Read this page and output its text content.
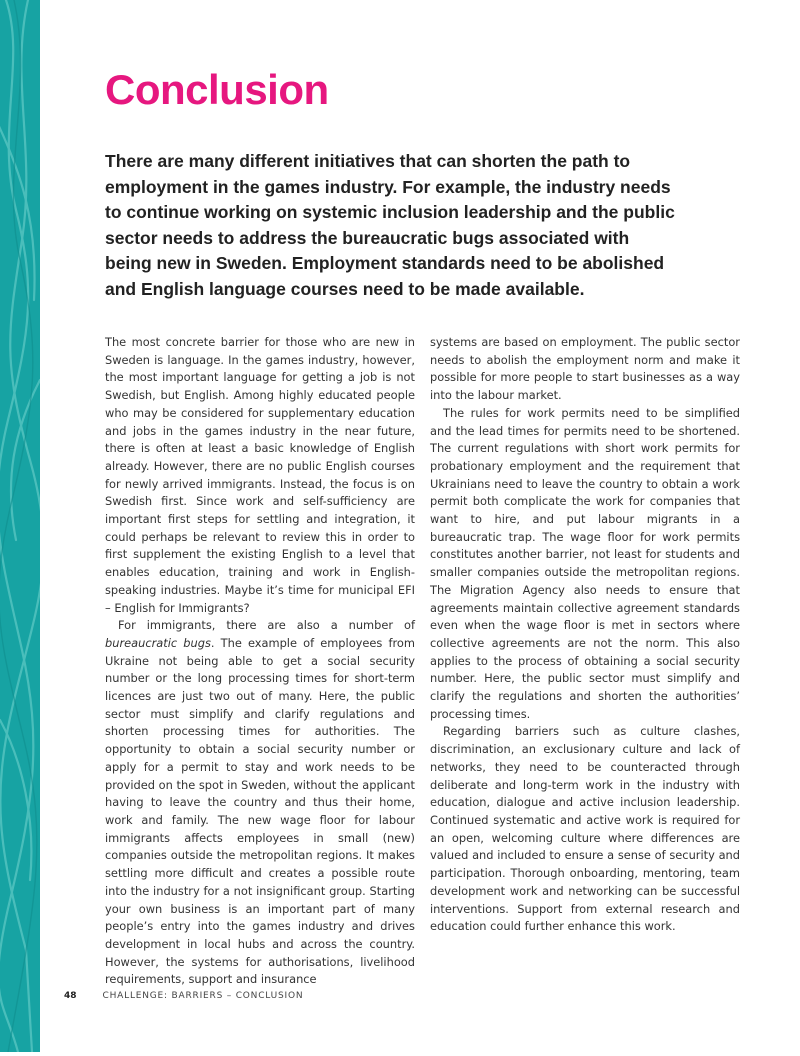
Conclusion

There are many different initiatives that can shorten the path to employment in the games industry. For example, the industry needs to continue working on systemic inclusion leadership and the public sector needs to address the bureaucratic bugs associated with being new in Sweden. Employment standards need to be abolished and English language courses need to be made available.

The most concrete barrier for those who are new in Sweden is language. In the games industry, however, the most important language for getting a job is not Swedish, but English. Among highly educated people who may be considered for supplementary education and jobs in the games industry in the near future, there is often at least a basic knowledge of English already. However, there are no public English courses for newly arrived immigrants. Instead, the focus is on Swedish first. Since work and self-sufficiency are important first steps for settling and integration, it could perhaps be relevant to review this in order to first supplement the existing English to a level that enables education, training and work in English-speaking industries. Maybe it’s time for municipal EFI – English for Immigrants?

For immigrants, there are also a number of bureaucratic bugs. The example of employees from Ukraine not being able to get a social security number or the long processing times for short-term licences are just two out of many. Here, the public sector must simplify and clarify regulations and shorten processing times for authorities. The opportunity to obtain a social security number or apply for a permit to stay and work needs to be provided on the spot in Sweden, without the applicant having to leave the country and thus their home, work and family. The new wage floor for labour immigrants affects employees in small (new) companies outside the metropolitan regions. It makes settling more difficult and creates a possible route into the industry for a not insignificant group. Starting your own business is an important part of many people’s entry into the games industry and drives development in local hubs and across the country. However, the systems for authorisations, livelihood requirements, support and insurance

systems are based on employment. The public sector needs to abolish the employment norm and make it possible for more people to start businesses as a way into the labour market.

The rules for work permits need to be simplified and the lead times for permits need to be shortened. The current regulations with short work permits for probationary employment and the requirement that Ukrainians need to leave the country to obtain a work permit both complicate the work for companies that want to hire, and put labour migrants in a bureaucratic trap. The wage floor for work permits constitutes another barrier, not least for students and smaller companies outside the metropolitan regions. The Migration Agency also needs to ensure that agreements maintain collective agreement standards even when the wage floor is met in sectors where collective agreements are not the norm. This also applies to the process of obtaining a social security number. Here, the public sector must simplify and clarify the regulations and shorten the authorities’ processing times.

Regarding barriers such as culture clashes, discrimination, an exclusionary culture and lack of networks, they need to be counteracted through deliberate and long-term work in the industry with education, dialogue and active inclusion leadership. Continued systematic and active work is required for an open, welcoming culture where differences are valued and included to ensure a sense of security and participation. Thorough onboarding, mentoring, team development work and networking can be successful interventions. Support from external research and education could further enhance this work.

48	CHALLENGE: BARRIERS – CONCLUSION
